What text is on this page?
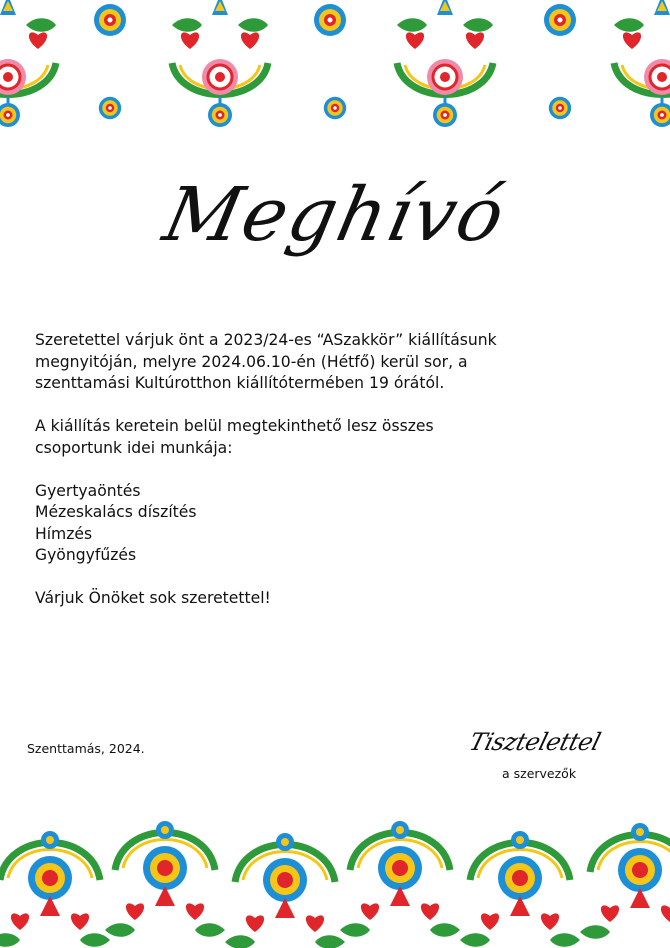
Meghívó

Szeretettel várjuk önt a 2023/24-es “ASzakkör” kiállításunk

megnyitóján, melyre 2024.06.10-én (Hétfő) kerül sor, a

szenttamási Kultúrotthon kiállítótermében 19 órától.

A kiállítás keretein belül megtekinthető lesz összes

csoportunk idei munkája:

Gyertyaöntés

Mézeskalács díszítés

Hímzés

Gyöngyfűzés

Várjuk Önöket sok szeretettel!

Szenttamás, 2024.	Tisztelettel
a szervezők
